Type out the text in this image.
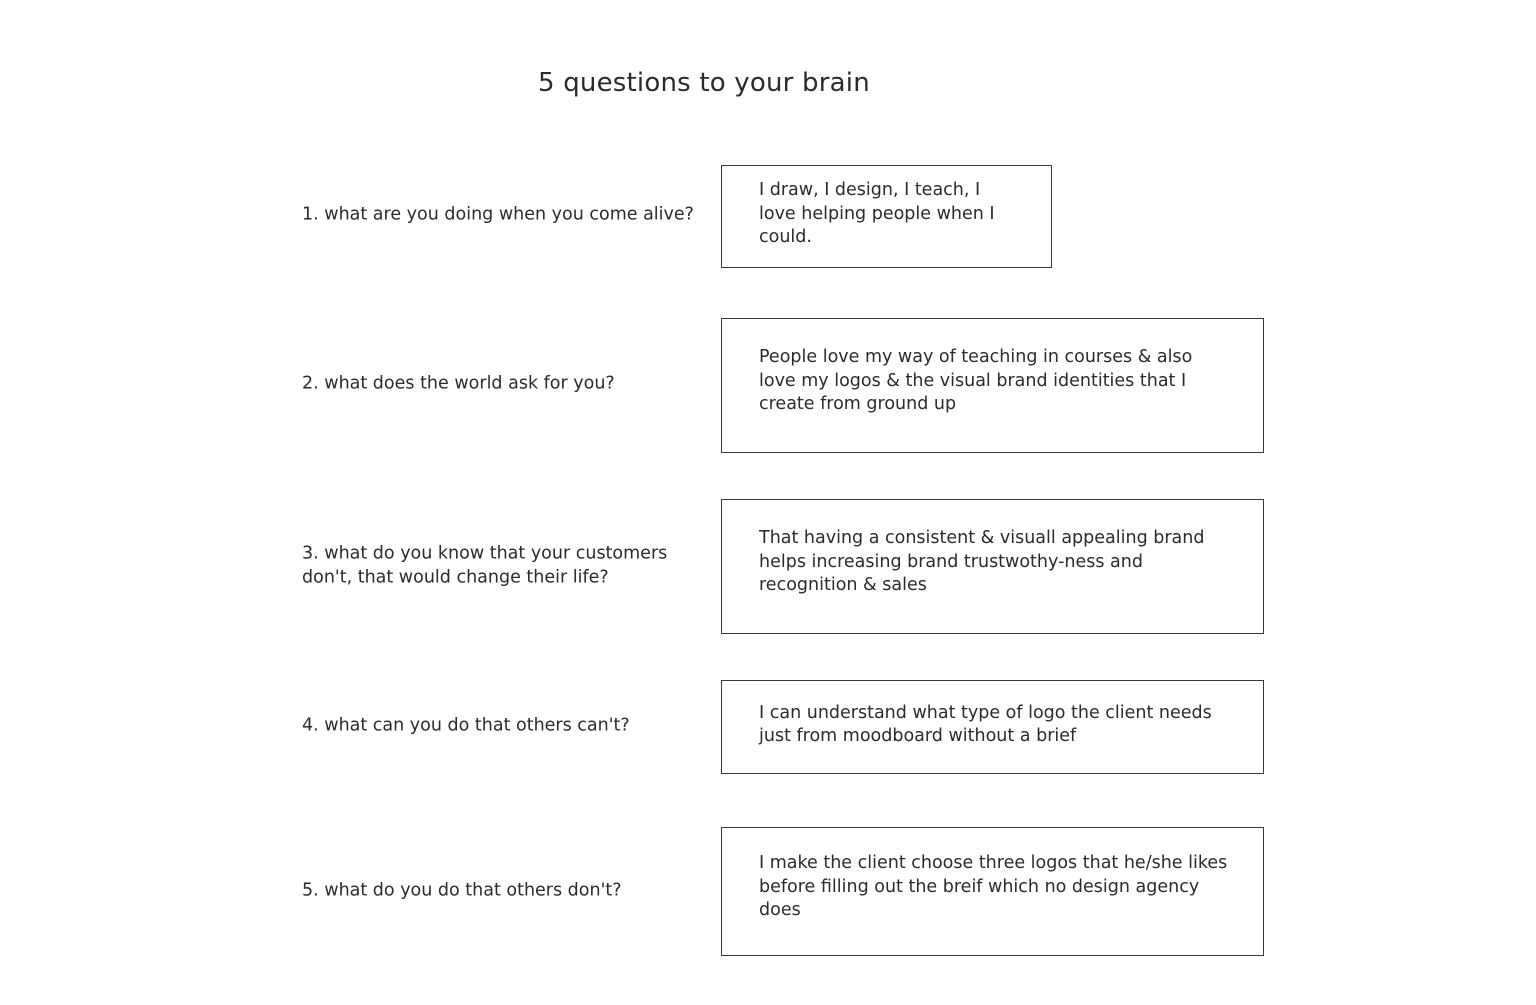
5 questions to your brain
1. what are you doing when you come alive?
I draw, I design, I teach, I love helping people when I could.
2. what does the world ask for you?
People love my way of teaching in courses & also love my logos & the visual brand identities that I create from ground up
3. what do you know that your customers don't, that would change their life?
That having a consistent & visuall appealing brand helps increasing brand trustwothy-ness and recognition & sales
4. what can you do that others can't?
I can understand what type of logo the client needs just from moodboard without a brief
5. what do you do that others don't?
I make the client choose three logos that he/she likes before filling out the breif which no design agency does
